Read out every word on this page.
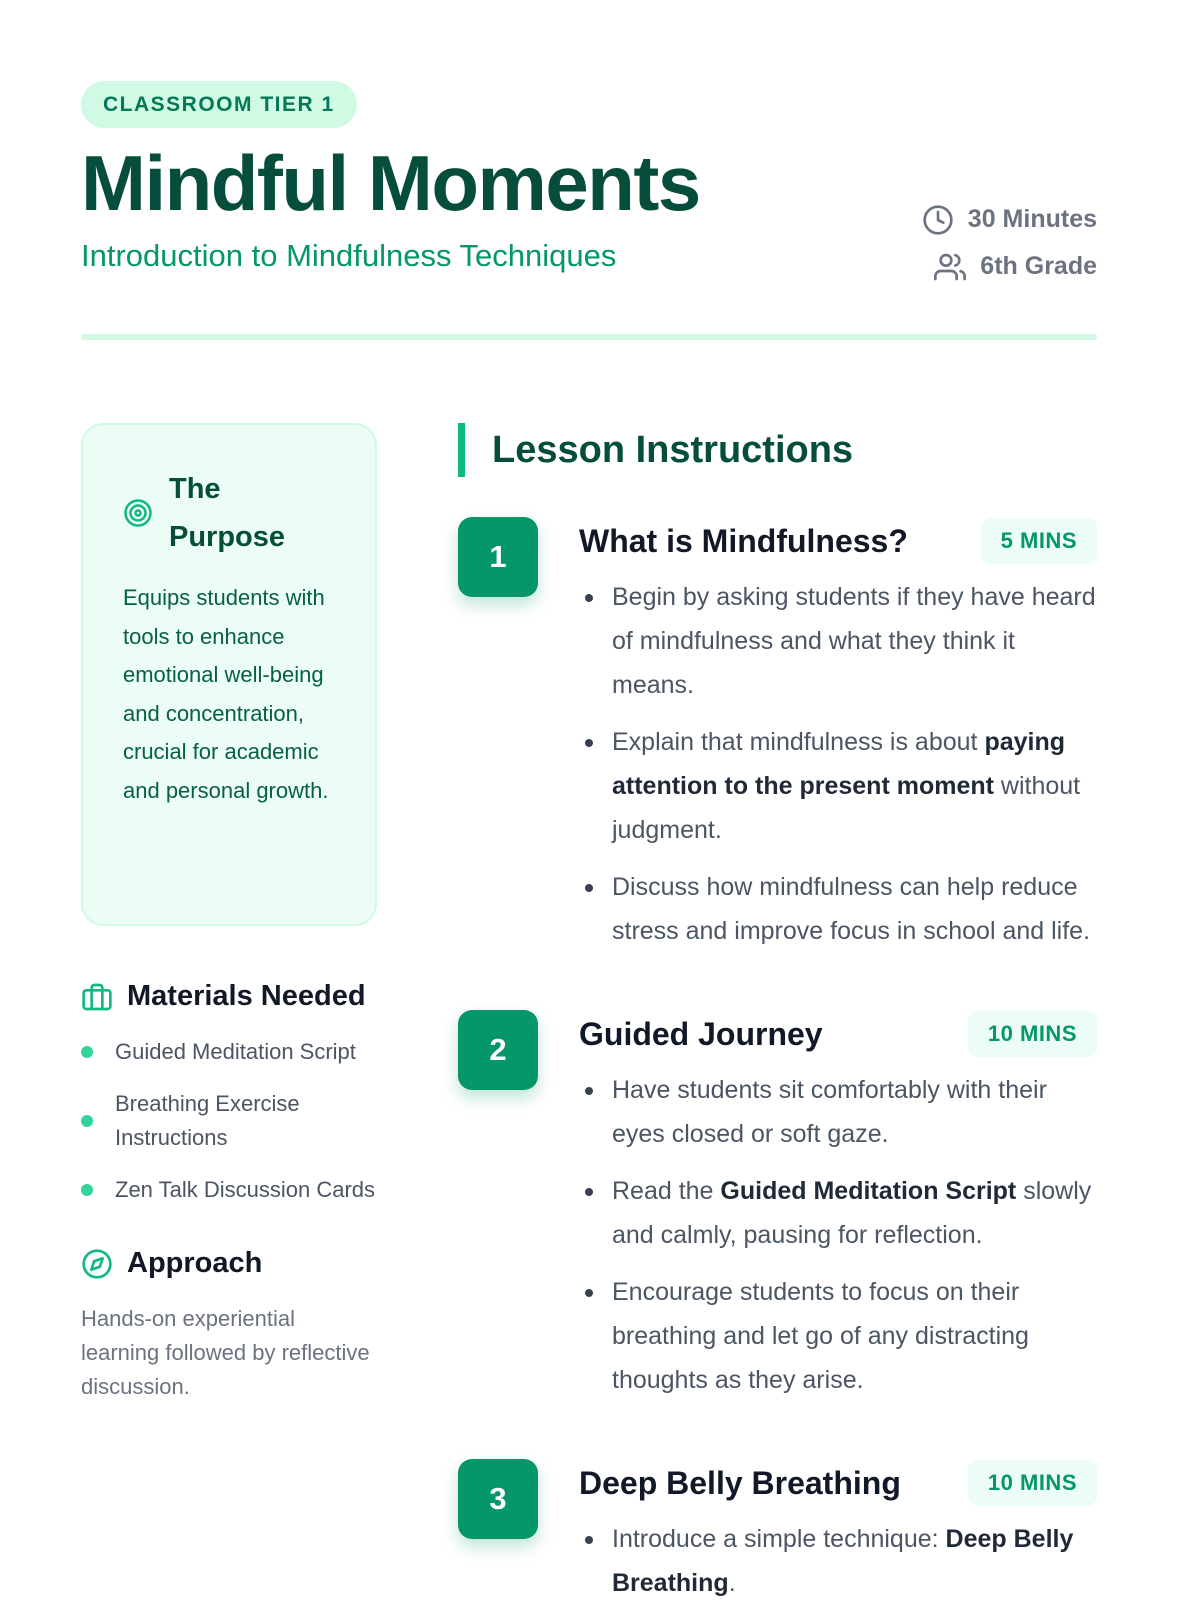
CLASSROOM TIER 1
Mindful Moments
Introduction to Mindfulness Techniques
30 Minutes
6th Grade
The Purpose

Equips students with tools to enhance emotional well-being and concentration, crucial for academic and personal growth.

Materials Needed
Guided Meditation Script
Breathing Exercise Instructions
Zen Talk Discussion Cards
Approach

Hands-on experiential learning followed by reflective discussion.

Lesson Instructions
1	What is Mindfulness?	5 MINS
Begin by asking students if they have heard of mindfulness and what they think it means.
Explain that mindfulness is about paying attention to the present moment without judgment.
Discuss how mindfulness can help reduce stress and improve focus in school and life.
2	Guided Journey	10 MINS
Have students sit comfortably with their eyes closed or soft gaze.
Read the Guided Meditation Script slowly and calmly, pausing for reflection.
Encourage students to focus on their breathing and let go of any distracting thoughts as they arise.
3	Deep Belly Breathing	10 MINS
Introduce a simple technique: Deep Belly Breathing.
